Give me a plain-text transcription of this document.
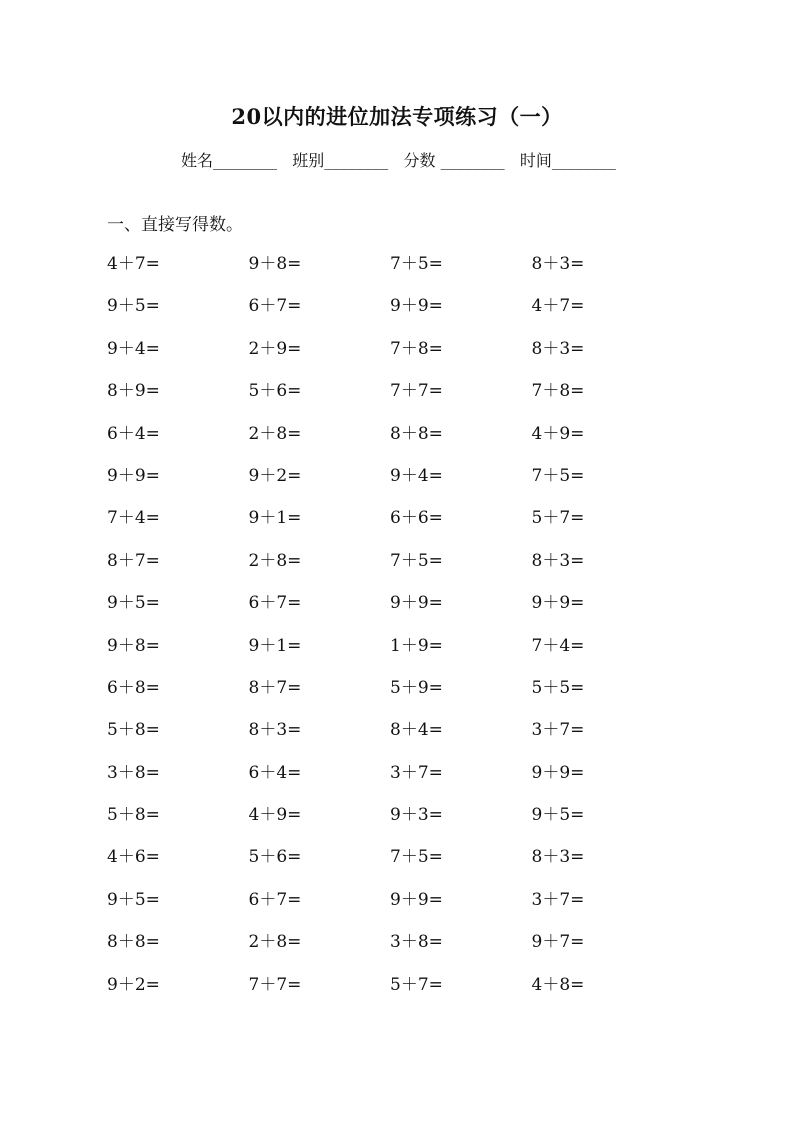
20以内的进位加法专项练习（一）
姓名________   班别________   分数 ________   时间________
一、直接写得数。
4＋7=	9＋8=	7＋5=	8＋3=
9＋5=	6＋7=	9＋9=	4＋7=
9＋4=	2＋9=	7＋8=	8＋3=
8＋9=	5＋6=	7＋7=	7＋8=
6＋4=	2＋8=	8＋8=	4＋9=
9＋9=	9＋2=	9＋4=	7＋5=
7＋4=	9＋1=	6＋6=	5＋7=
8＋7=	2＋8=	7＋5=	8＋3=
9＋5=	6＋7=	9＋9=	9＋9=
9＋8=	9＋1=	1＋9=	7＋4=
6＋8=	8＋7=	5＋9=	5＋5=
5＋8=	8＋3=	8＋4=	3＋7=
3＋8=	6＋4=	3＋7=	9＋9=
5＋8=	4＋9=	9＋3=	9＋5=
4＋6=	5＋6=	7＋5=	8＋3=
9＋5=	6＋7=	9＋9=	3＋7=
8＋8=	2＋8=	3＋8=	9＋7=
9＋2=	7＋7=	5＋7=	4＋8=
